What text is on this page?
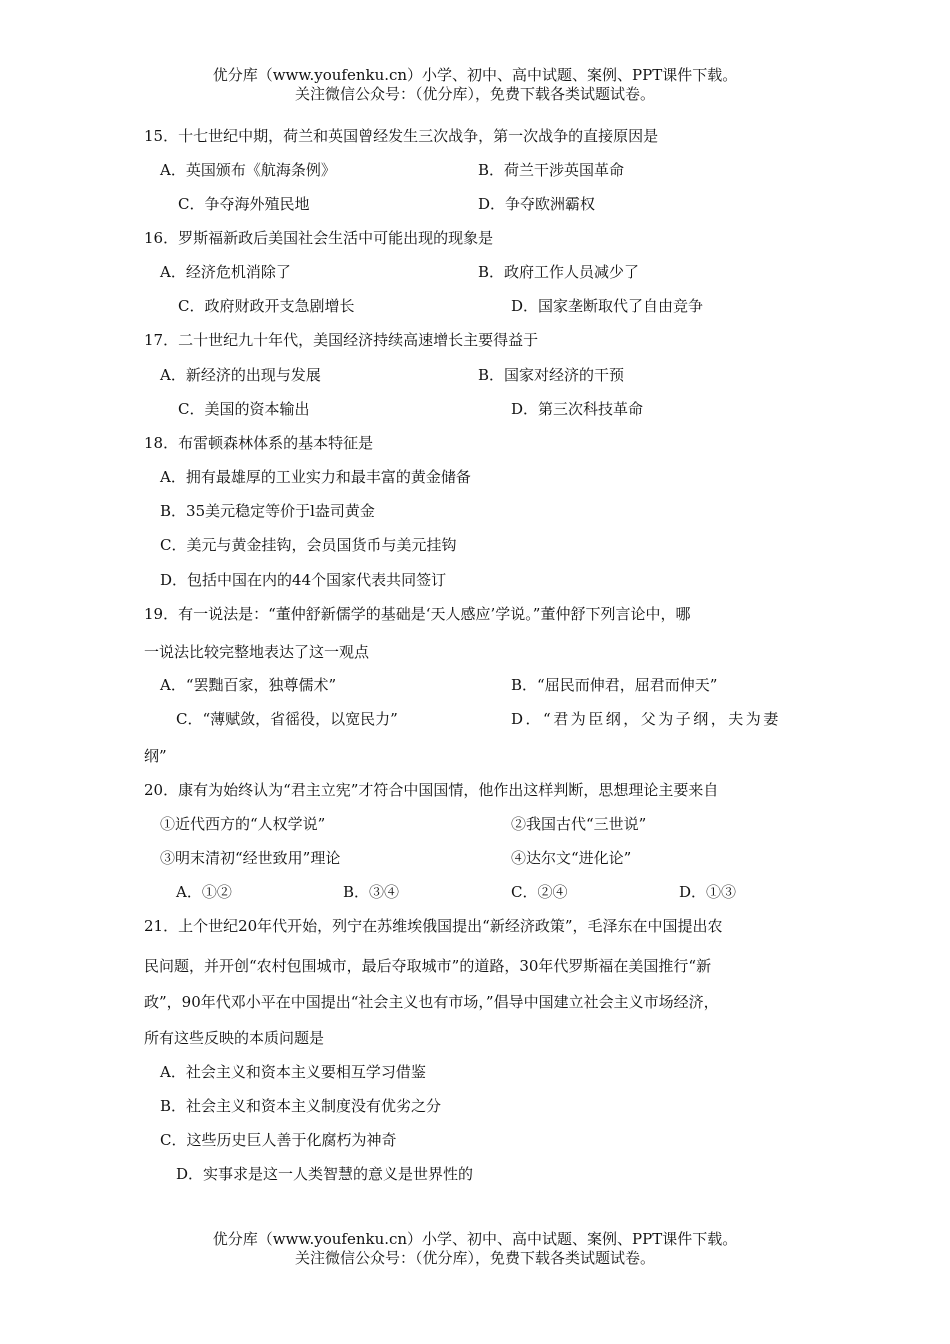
优分库（www.youfenku.cn）小学、初中、高中试题、案例、PPT课件下载。
关注微信公众号：（优分库），免费下载各类试题试卷。
15．十七世纪中期，荷兰和英国曾经发生三次战争，第一次战争的直接原因是
A．英国颁布《航海条例》	B．荷兰干涉英国革命
C．争夺海外殖民地	D．争夺欧洲霸权
16．罗斯福新政后美国社会生活中可能出现的现象是
A．经济危机消除了	B．政府工作人员减少了
C．政府财政开支急剧增长	D．国家垄断取代了自由竞争
17．二十世纪九十年代，美国经济持续高速增长主要得益于
A．新经济的出现与发展	B．国家对经济的干预
C．美国的资本输出	D．第三次科技革命
18．布雷顿森林体系的基本特征是
A．拥有最雄厚的工业实力和最丰富的黄金储备
B．35美元稳定等价于l盎司黄金
C．美元与黄金挂钩，会员国货币与美元挂钩
D．包括中国在内的44个国家代表共同签订
19．有一说法是：“董仲舒新儒学的基础是‘天人感应’学说。”董仲舒下列言论中，哪
一说法比较完整地表达了这一观点
A．“罢黜百家，独尊儒术”	B．“屈民而伸君，屈君而伸天”
C．“薄赋敛，省徭役，以宽民力”	D．“君为臣纲，父为子纲，夫为妻
纲”
20．康有为始终认为“君主立宪”才符合中国国情，他作出这样判断，思想理论主要来自
①近代西方的“人权学说”	②我国古代“三世说”
③明末清初“经世致用”理论	④达尔文“进化论”
A．①②	B．③④	C．②④	D．①③
21．上个世纪20年代开始，列宁在苏维埃俄国提出“新经济政策”，毛泽东在中国提出农
民问题，并开创“农村包围城市，最后夺取城市”的道路，30年代罗斯福在美国推行“新
政”，90年代邓小平在中国提出“社会主义也有市场，”倡导中国建立社会主义市场经济，
所有这些反映的本质问题是
A．社会主义和资本主义要相互学习借鉴
B．社会主义和资本主义制度没有优劣之分
C．这些历史巨人善于化腐朽为神奇
D．实事求是这一人类智慧的意义是世界性的
优分库（www.youfenku.cn）小学、初中、高中试题、案例、PPT课件下载。
关注微信公众号：（优分库），免费下载各类试题试卷。
